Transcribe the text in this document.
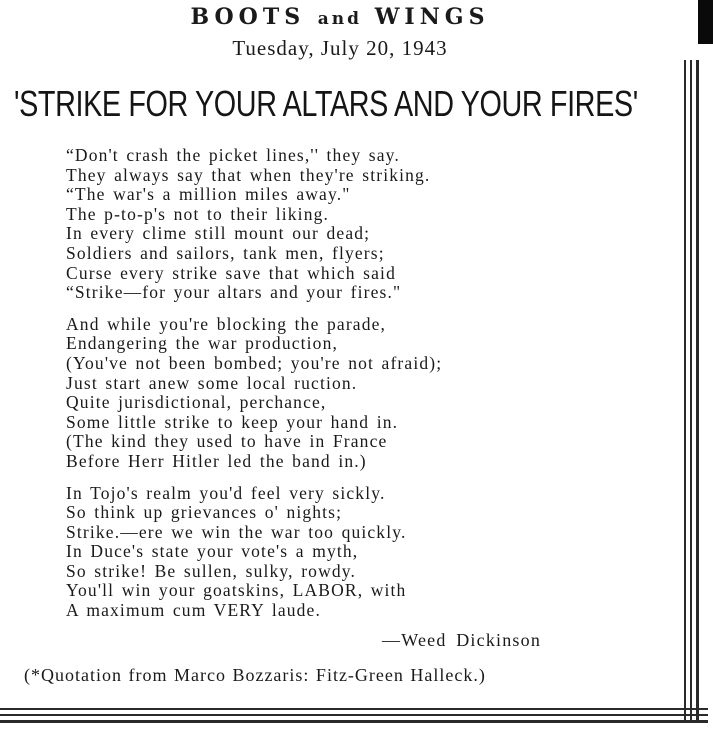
BOOTS and WINGS
Tuesday, July 20, 1943
'STRIKE FOR YOUR ALTARS AND YOUR FIRES'
“Don't crash the picket lines,'' they say.
They always say that when they're striking.
“The war's a million miles away."
The p-to-p's not to their liking.
In every clime still mount our dead;
Soldiers and sailors, tank men, flyers;
Curse every strike save that which said
“Strike—for your altars and your fires."
And while you're blocking the parade,
Endangering the war production,
(You've not been bombed; you're not afraid);
Just start anew some local ruction.
Quite jurisdictional, perchance,
Some little strike to keep your hand in.
(The kind they used to have in France
Before Herr Hitler led the band in.)
In Tojo's realm you'd feel very sickly.
So think up grievances o' nights;
Strike.—ere we win the war too quickly.
In Duce's state your vote's a myth,
So strike! Be sullen, sulky, rowdy.
You'll win your goatskins, LABOR, with
A maximum cum VERY laude.
—Weed Dickinson
(*Quotation from Marco Bozzaris: Fitz-Green Halleck.)
